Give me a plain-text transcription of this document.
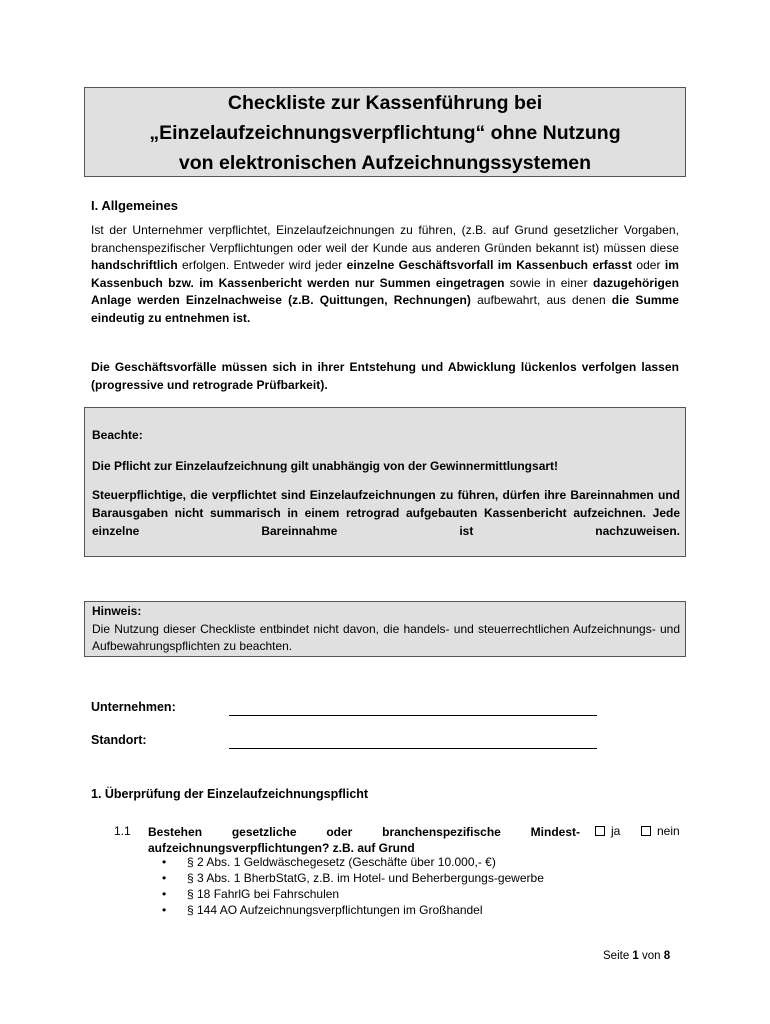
Checkliste zur Kassenführung bei
„Einzelaufzeichnungsverpflichtung“ ohne Nutzung
von elektronischen Aufzeichnungssystemen
I. Allgemeines
Ist der Unternehmer verpflichtet, Einzelaufzeichnungen zu führen, (z.B. auf Grund gesetzlicher Vorgaben, branchenspezifischer Verpflichtungen oder weil der Kunde aus anderen Gründen bekannt ist) müssen diese handschriftlich erfolgen. Entweder wird jeder einzelne Geschäftsvorfall im Kassenbuch erfasst oder im Kassenbuch bzw. im Kassenbericht werden nur Summen eingetragen sowie in einer dazugehörigen Anlage werden Einzelnachweise (z.B. Quittungen, Rechnungen) aufbewahrt, aus denen die Summe eindeutig zu entnehmen ist.
Die Geschäftsvorfälle müssen sich in ihrer Entstehung und Abwicklung lückenlos verfolgen lassen (progressive und retrograde Prüfbarkeit).
Beachte:
Die Pflicht zur Einzelaufzeichnung gilt unabhängig von der Gewinnermittlungsart!
Steuerpflichtige, die verpflichtet sind Einzelaufzeichnungen zu führen, dürfen ihre Bareinnahmen und Barausgaben nicht summarisch in einem retrograd aufgebauten Kassenbericht aufzeichnen. Jede einzelne Bareinnahme ist nachzuweisen.
Hinweis:
Die Nutzung dieser Checkliste entbindet nicht davon, die handels- und steuerrechtlichen Aufzeichnungs- und Aufbewahrungspflichten zu beachten.
Unternehmen:
Standort:
1. Überprüfung der Einzelaufzeichnungspflicht
1.1 Bestehen gesetzliche oder branchenspezifische Mindest-aufzeichnungsverpflichtungen? z.B. auf Grund
ja	nein
• § 2 Abs. 1 Geldwäschegesetz (Geschäfte über 10.000,- €)
• § 3 Abs. 1 BherbStatG, z.B. im Hotel- und Beherbergungs-gewerbe
• § 18 FahrlG bei Fahrschulen
• § 144 AO Aufzeichnungsverpflichtungen im Großhandel
Seite 1 von 8
